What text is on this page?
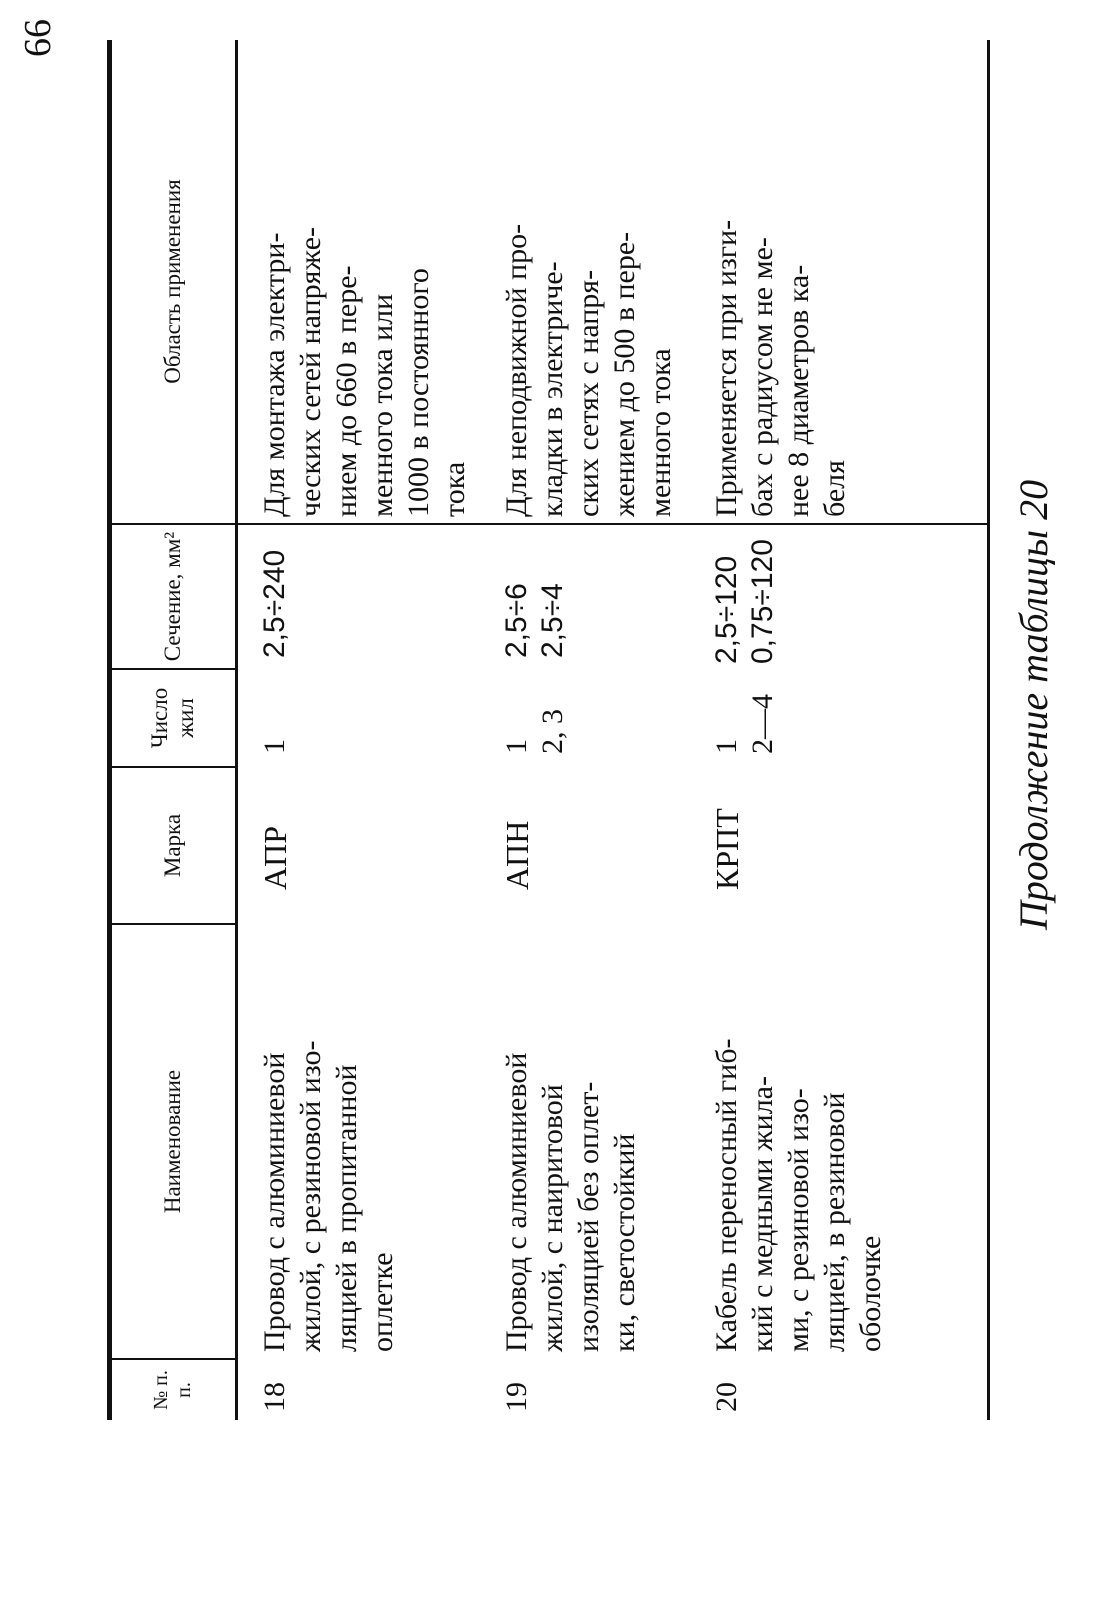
66
Продолжение таблицы 20
№ п. п.
Наименование
Марка
Число жил
Сечение, мм²
Область применения
18
Провод с алюминиевой жилой, с резиновой изо- ляцией в пропитанной оплетке
АПР
1
2,5÷240
Для монтажа электри- ческих сетей напряже- нием до 660 в пере- менного тока или 1000 в постоянного тока
19
Провод с алюминиевой жилой, с наиритовой изоляцией без оплет- ки, светостойкий
АПН
1 2, 3
2,5÷6 2,5÷4
Для неподвижной про- кладки в электриче- ских сетях с напря- жением до 500 в пере- менного тока
20
Кабель переносный гиб- кий с медными жила- ми, с резиновой изо- ляцией, в резиновой оболочке
КРПТ
1 2—4
2,5÷120 0,75÷120
Применяется при изги- бах с радиусом не ме- нее 8 диаметров ка- беля
